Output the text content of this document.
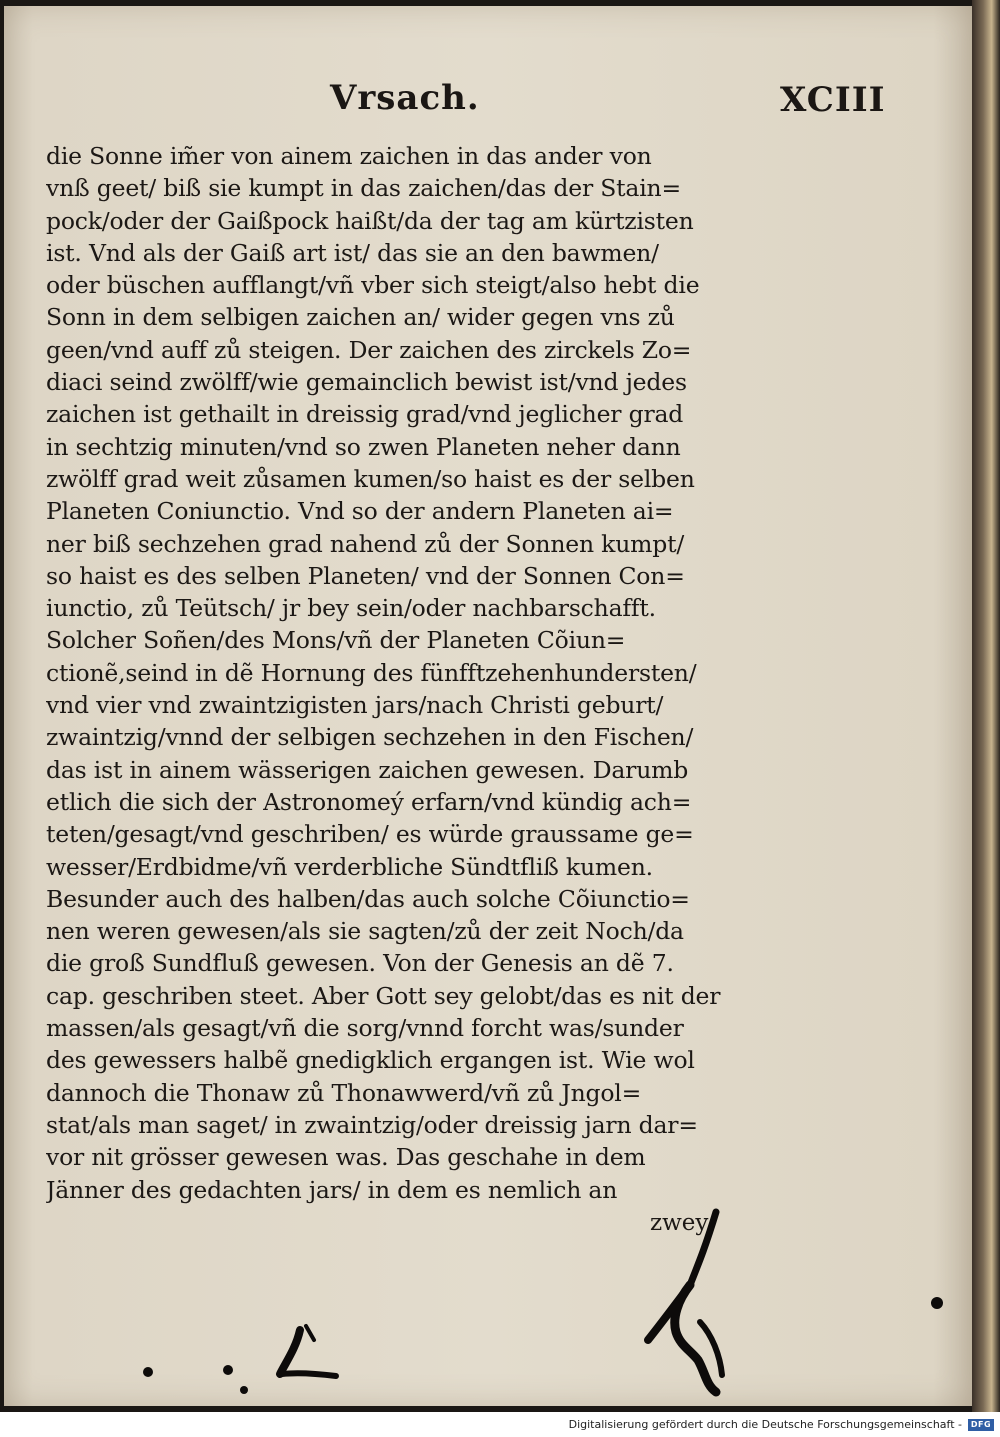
Vrsach.	XCIII
die Sonne im̃er von ainem zaichen in das ander von
vnß geet/ biß sie kumpt in das zaichen/das der Stain=
pock/oder der Gaißpock haißt/da der tag am kürtzisten
ist. Vnd als der Gaiß art ist/ das sie an den bawmen/
oder büschen aufflangt/vñ vber sich steigt/also hebt die
Sonn in dem selbigen zaichen an/ wider gegen vns zů
geen/vnd auff zů steigen. Der zaichen des zirckels Zo=
diaci seind zwölff/wie gemainclich bewist ist/vnd jedes
zaichen ist gethailt in dreissig grad/vnd jeglicher grad
in sechtzig minuten/vnd so zwen Planeten neher dann
zwölff grad weit zůsamen kumen/so haist es der selben
Planeten Coniunctio. Vnd so der andern Planeten ai=
ner biß sechzehen grad nahend zů der Sonnen kumpt/
so haist es des selben Planeten/ vnd der Sonnen Con=
iunctio, zů Teütsch/ jr bey sein/oder nachbarschafft.
Solcher Soñen/des Mons/vñ der Planeten Cõiun=
ctionẽ,seind in dẽ Hornung des fünfftzehenhundersten/
vnd vier vnd zwaintzigisten jars/nach Christi geburt/
zwaintzig/vnnd der selbigen sechzehen in den Fischen/
das ist in ainem wässerigen zaichen gewesen. Darumb
etlich die sich der Astronomeý erfarn/vnd kündig ach=
teten/gesagt/vnd geschriben/ es würde graussame ge=
wesser/Erdbidme/vñ verderbliche Sündtfliß kumen.
Besunder auch des halben/das auch solche Cõiunctio=
nen weren gewesen/als sie sagten/zů der zeit Noch/da
die groß Sundfluß gewesen. Von der Genesis an dẽ 7.
cap. geschriben steet. Aber Gott sey gelobt/das es nit der
massen/als gesagt/vñ die sorg/vnnd forcht was/sunder
des gewessers halbẽ gnedigklich ergangen ist. Wie wol
dannoch die Thonaw zů Thonawwerd/vñ zů Jngol=
stat/als man saget/ in zwaintzig/oder dreissig jarn dar=
vor nit grösser gewesen was. Das geschahe in dem
Jänner des gedachten jars/ in dem es nemlich an
zwey/
Digitalisierung gefördert durch die Deutsche Forschungsgemeinschaft -	DFG
